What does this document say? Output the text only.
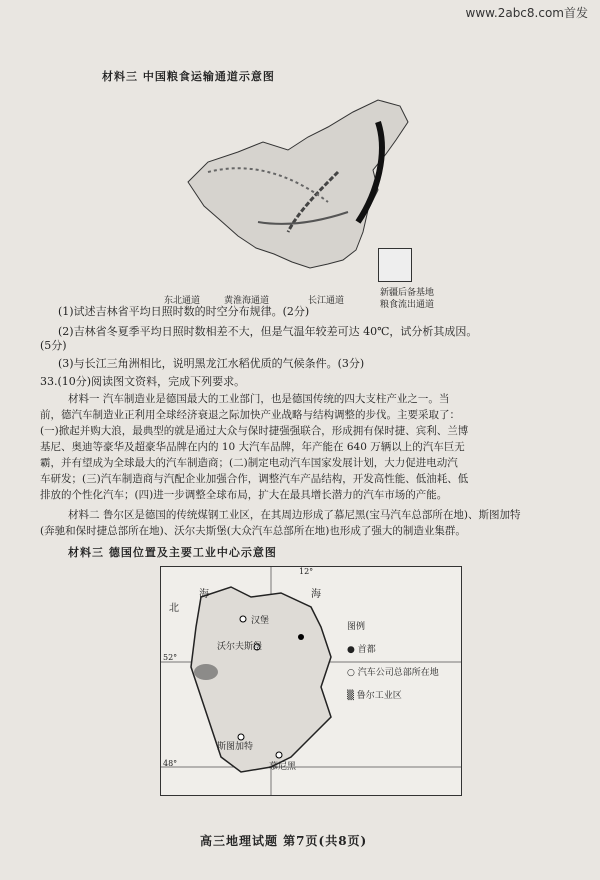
www.2abc8.com首发
材料三 中国粮食运输通道示意图
东北通道	黄淮海通道	长江通道
新疆后备基地
粮食流出通道
(1)试述吉林省平均日照时数的时空分布规律。(2分)
(2)吉林省冬夏季平均日照时数相差不大，但是气温年较差可达 40℃，试分析其成因。
(5分)
(3)与长江三角洲相比，说明黑龙江水稻优质的气候条件。(3分)
33.(10分)阅读图文资料，完成下列要求。
材料一 汽车制造业是德国最大的工业部门，也是德国传统的四大支柱产业之一。当
前，德汽车制造业正利用全球经济衰退之际加快产业战略与结构调整的步伐。主要采取了：
(一)掀起并购大浪，最典型的就是通过大众与保时捷强强联合，形成拥有保时捷、宾利、兰博
基尼、奥迪等豪华及超豪华品牌在内的 10 大汽车品牌，年产能在 640 万辆以上的汽车巨无
霸，并有望成为全球最大的汽车制造商；(二)制定电动汽车国家发展计划，大力促进电动汽
车研发；(三)汽车制造商与汽配企业加强合作，调整汽车产品结构，开发高性能、低油耗、低
排放的个性化汽车；(四)进一步调整全球布局，扩大在最具增长潜力的汽车市场的产能。
材料二 鲁尔区是德国的传统煤钢工业区，在其周边形成了慕尼黑(宝马汽车总部所在地)、斯图加特
(奔驰和保时捷总部所在地)、沃尔夫斯堡(大众汽车总部所在地)也形成了强大的制造业集群。
材料三 德国位置及主要工业中心示意图
海	海
北
汉堡
沃尔夫斯堡
斯图加特
慕尼黑
12°
52°
48°
图例
● 首都
○ 汽车公司总部所在地
▒ 鲁尔工业区
高三地理试题 第7页(共8页)
